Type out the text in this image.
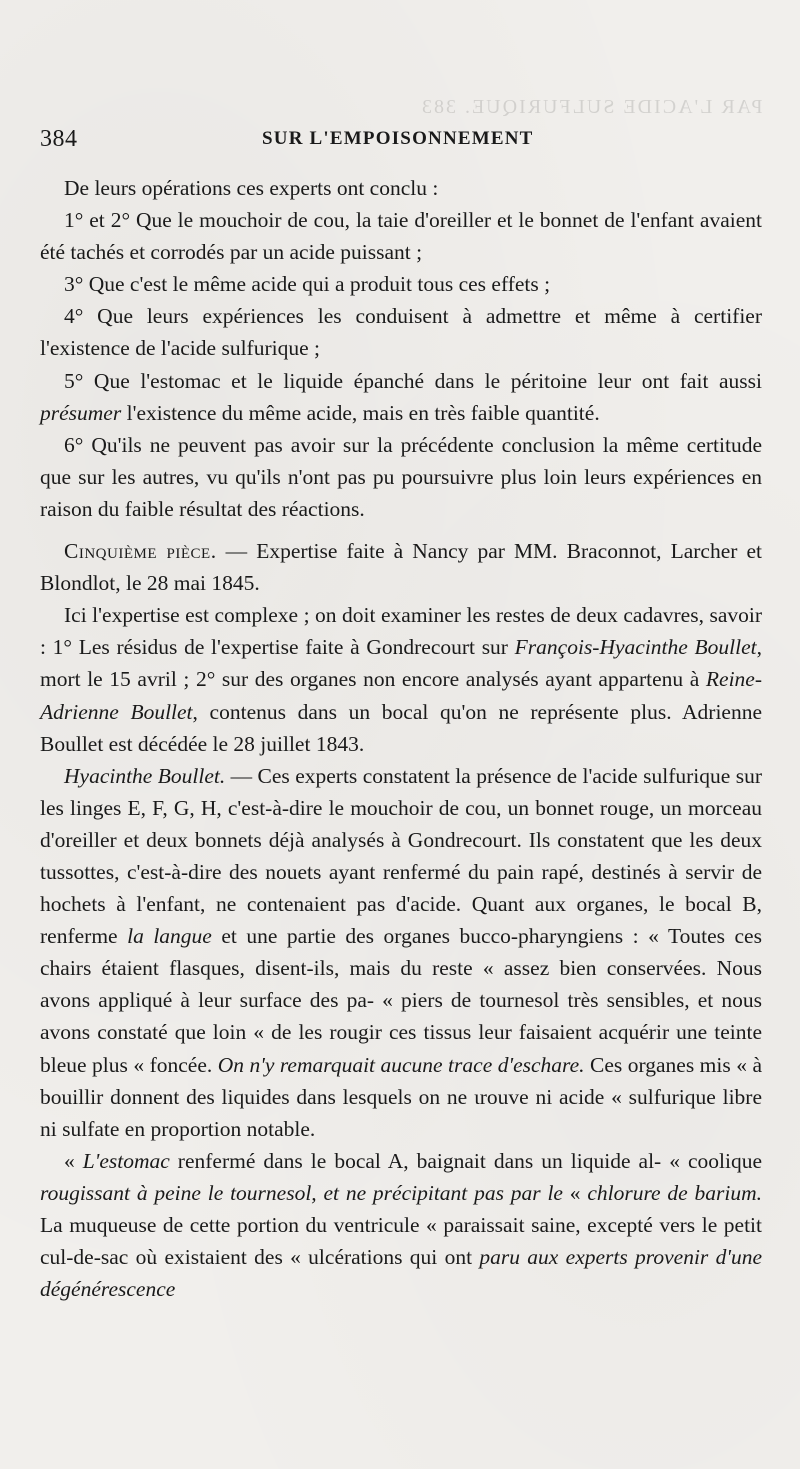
PAR L'ACIDE SULFURIQUE. 383
384	SUR L'EMPOISONNEMENT

De leurs opérations ces experts ont conclu :

1° et 2° Que le mouchoir de cou, la taie d'oreiller et le bonnet de l'enfant avaient été tachés et corrodés par un acide puissant ;

3° Que c'est le même acide qui a produit tous ces effets ;

4° Que leurs expériences les conduisent à admettre et même à certifier l'existence de l'acide sulfurique ;

5° Que l'estomac et le liquide épanché dans le péritoine leur ont fait aussi présumer l'existence du même acide, mais en très faible quantité.

6° Qu'ils ne peuvent pas avoir sur la précédente conclusion la même certitude que sur les autres, vu qu'ils n'ont pas pu poursuivre plus loin leurs expériences en raison du faible résultat des réactions.

Cinquième pièce. — Expertise faite à Nancy par MM. Braconnot, Larcher et Blondlot, le 28 mai 1845.

Ici l'expertise est complexe ; on doit examiner les restes de deux cadavres, savoir : 1° Les résidus de l'expertise faite à Gondrecourt sur François-Hyacinthe Boullet, mort le 15 avril ; 2° sur des organes non encore analysés ayant appartenu à Reine-Adrienne Boullet, contenus dans un bocal qu'on ne représente plus. Adrienne Boullet est décédée le 28 juillet 1843.

Hyacinthe Boullet. — Ces experts constatent la présence de l'acide sulfurique sur les linges E, F, G, H, c'est-à-dire le mouchoir de cou, un bonnet rouge, un morceau d'oreiller et deux bonnets déjà analysés à Gondrecourt. Ils constatent que les deux tussottes, c'est-à-dire des nouets ayant renfermé du pain rapé, destinés à servir de hochets à l'enfant, ne contenaient pas d'acide. Quant aux organes, le bocal B, renferme la langue et une partie des organes bucco-pharyngiens : « Toutes ces chairs étaient flasques, disent-ils, mais du reste « assez bien conservées. Nous avons appliqué à leur surface des pa- « piers de tournesol très sensibles, et nous avons constaté que loin « de les rougir ces tissus leur faisaient acquérir une teinte bleue plus « foncée. On n'y remarquait aucune trace d'eschare. Ces organes mis « à bouillir donnent des liquides dans lesquels on ne ιrouve ni acide « sulfurique libre ni sulfate en proportion notable.

« L'estomac renfermé dans le bocal A, baignait dans un liquide al- « coolique rougissant à peine le tournesol, et ne précipitant pas par le « chlorure de barium. La muqueuse de cette portion du ventricule « paraissait saine, excepté vers le petit cul-de-sac où existaient des « ulcérations qui ont paru aux experts provenir d'une dégénérescence
